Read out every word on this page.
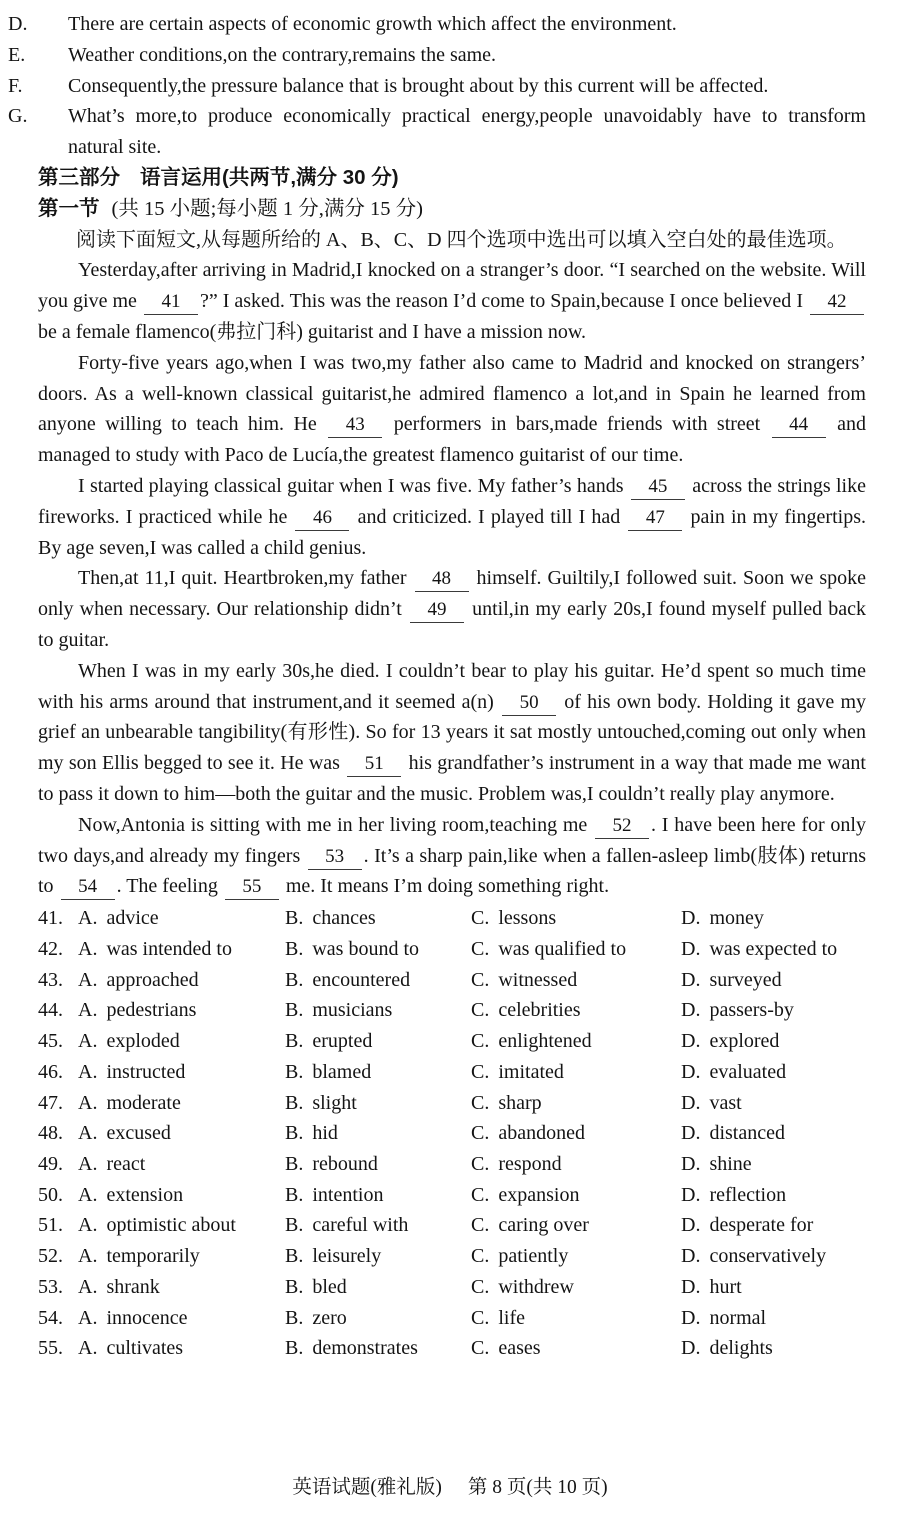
D. There are certain aspects of economic growth which affect the environment.
E. Weather conditions,on the contrary,remains the same.
F. Consequently,the pressure balance that is brought about by this current will be affected.
G. What’s more,to produce economically practical energy,people unavoidably have to transform natural site.
第三部分 语言运用(共两节,满分 30 分)
第一节 (共 15 小题;每小题 1 分,满分 15 分)
阅读下面短文,从每题所给的 A、B、C、D 四个选项中选出可以填入空白处的最佳选项。

Yesterday,after arriving in Madrid,I knocked on a stranger’s door. “I searched on the website. Will you give me 41 ?” I asked. This was the reason I’d come to Spain,because I once believed I 42 be a female flamenco(弗拉门科) guitarist and I have a mission now.

Forty-five years ago,when I was two,my father also came to Madrid and knocked on strangers’ doors. As a well-known classical guitarist,he admired flamenco a lot,and in Spain he learned from anyone willing to teach him. He 43 performers in bars,made friends with street 44 and managed to study with Paco de Lucía,the greatest flamenco guitarist of our time.

I started playing classical guitar when I was five. My father’s hands 45 across the strings like fireworks. I practiced while he 46 and criticized. I played till I had 47 pain in my fingertips. By age seven,I was called a child genius.

Then,at 11,I quit. Heartbroken,my father 48 himself. Guiltily,I followed suit. Soon we spoke only when necessary. Our relationship didn’t 49 until,in my early 20s,I found myself pulled back to guitar.

When I was in my early 30s,he died. I couldn’t bear to play his guitar. He’d spent so much time with his arms around that instrument,and it seemed a(n) 50 of his own body. Holding it gave my grief an unbearable tangibility(有形性). So for 13 years it sat mostly untouched,coming out only when my son Ellis begged to see it. He was 51 his grandfather’s instrument in a way that made me want to pass it down to him—both the guitar and the music. Problem was,I couldn’t really play anymore.

Now,Antonia is sitting with me in her living room,teaching me 52 . I have been here for only two days,and already my fingers 53 . It’s a sharp pain,like when a fallen-asleep limb(肢体) returns to 54 . The feeling 55 me. It means I’m doing something right.

41. A. advice	B. chances	C. lessons	D. money
42. A. was intended to	B. was bound to	C. was qualified to	D. was expected to
43. A. approached	B. encountered	C. witnessed	D. surveyed
44. A. pedestrians	B. musicians	C. celebrities	D. passers-by
45. A. exploded	B. erupted	C. enlightened	D. explored
46. A. instructed	B. blamed	C. imitated	D. evaluated
47. A. moderate	B. slight	C. sharp	D. vast
48. A. excused	B. hid	C. abandoned	D. distanced
49. A. react	B. rebound	C. respond	D. shine
50. A. extension	B. intention	C. expansion	D. reflection
51. A. optimistic about	B. careful with	C. caring over	D. desperate for
52. A. temporarily	B. leisurely	C. patiently	D. conservatively
53. A. shrank	B. bled	C. withdrew	D. hurt
54. A. innocence	B. zero	C. life	D. normal
55. A. cultivates	B. demonstrates	C. eases	D. delights
英语试题(雅礼版) 第 8 页(共 10 页)
